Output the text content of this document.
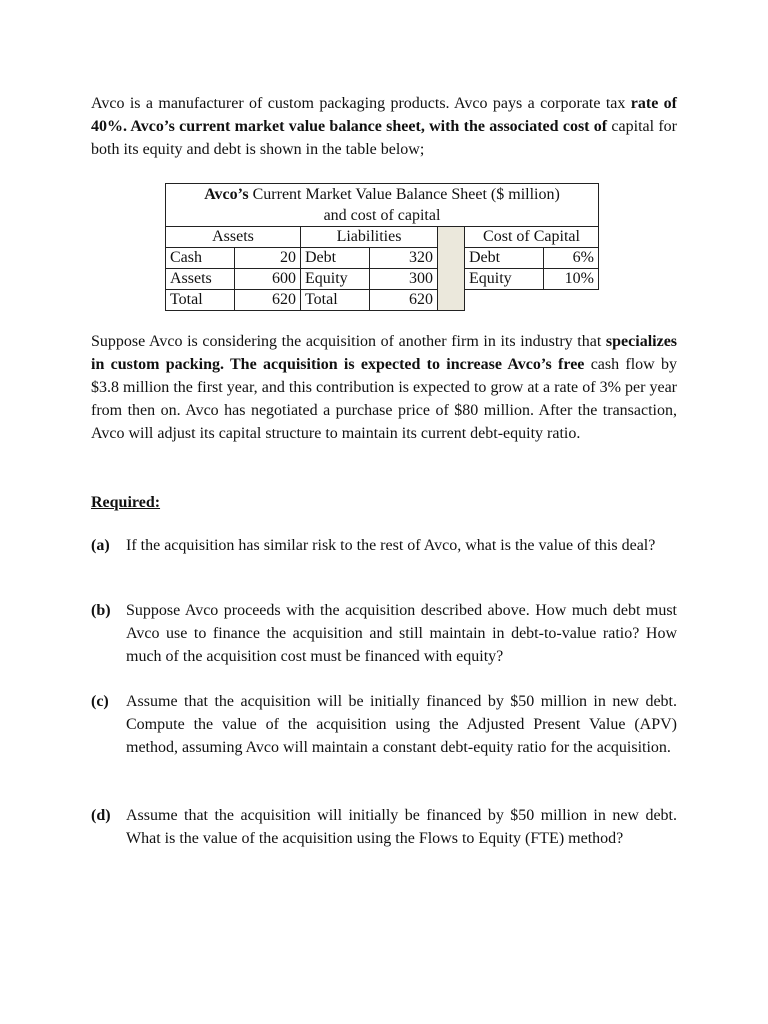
Avco is a manufacturer of custom packaging products. Avco pays a corporate tax rate of 40%. Avco’s current market value balance sheet, with the associated cost of capital for both its equity and debt is shown in the table below;

Avco’s Current Market Value Balance Sheet ($ million)
and cost of capital						
Assets		Liabilities			Cost of Capital	
Cash	20	Debt	320		Debt	6%
Assets	600	Equity	300		Equity	10%
Total	620	Total	620			

Suppose Avco is considering the acquisition of another firm in its industry that specializes in custom packing. The acquisition is expected to increase Avco’s free cash flow by $3.8 million the first year, and this contribution is expected to grow at a rate of 3% per year from then on. Avco has negotiated a purchase price of $80 million. After the transaction, Avco will adjust its capital structure to maintain its current debt-equity ratio.

Required:

(a) If the acquisition has similar risk to the rest of Avco, what is the value of this deal?
(b) Suppose Avco proceeds with the acquisition described above. How much debt must Avco use to finance the acquisition and still maintain in debt-to-value ratio? How much of the acquisition cost must be financed with equity?
(c) Assume that the acquisition will be initially financed by $50 million in new debt. Compute the value of the acquisition using the Adjusted Present Value (APV) method, assuming Avco will maintain a constant debt-equity ratio for the acquisition.
(d) Assume that the acquisition will initially be financed by $50 million in new debt. What is the value of the acquisition using the Flows to Equity (FTE) method?
